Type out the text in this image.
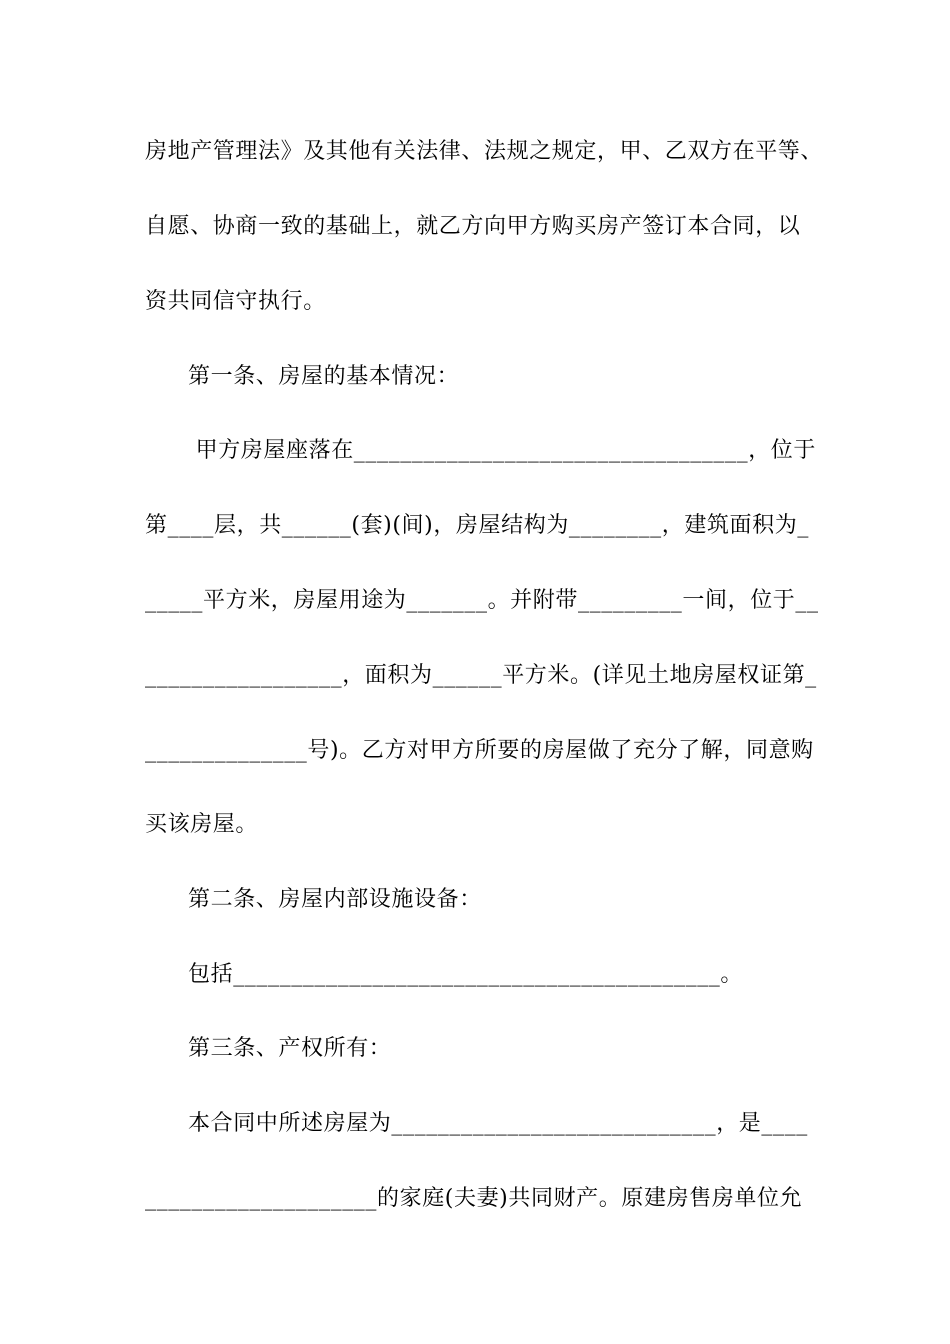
房地产管理法》及其他有关法律、法规之规定，甲、乙双方在平等、
自愿、协商一致的基础上，就乙方向甲方购买房产签订本合同，以
资共同信守执行。
第一条、房屋的基本情况：
甲方房屋座落在__________________________________，位于
第____层，共______(套)(间)，房屋结构为________，建筑面积为_
_____平方米，房屋用途为_______。并附带_________一间，位于__
_________________，面积为______平方米。(详见土地房屋权证第_
______________号)。乙方对甲方所要的房屋做了充分了解，同意购
买该房屋。
第二条、房屋内部设施设备：
包括__________________________________________。
第三条、产权所有：
本合同中所述房屋为____________________________，是____
____________________的家庭(夫妻)共同财产。原建房售房单位允
